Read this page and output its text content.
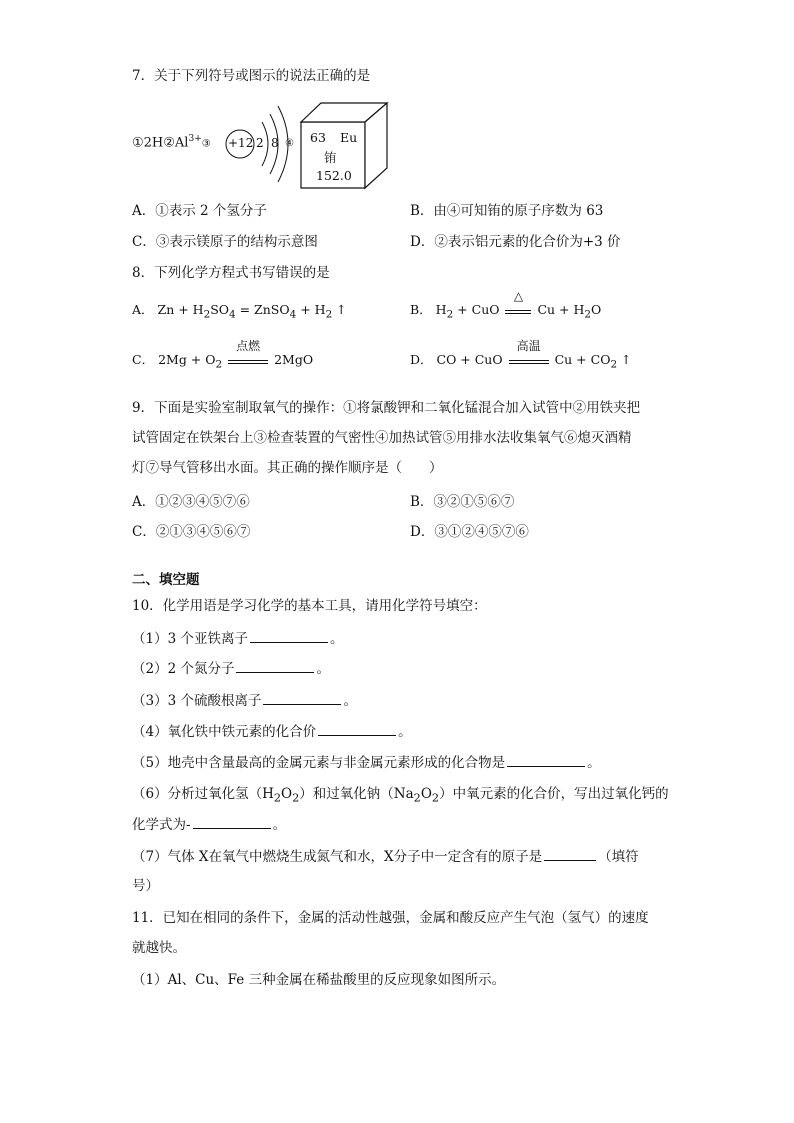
7．关于下列符号或图示的说法正确的是
$①2H②Al^{3+}③ +12$ 2 8 ④ 63 Eu
铕
152.0
A．①表示 2 个氢分子	B．由④可知铕的原子序数为 63
C．③表示镁原子的结构示意图	D．②表示铝元素的化合价为+3 价
8．下列化学方程式书写错误的是
A． $Zn + H_2SO_4$ = ZnSO$_4$ + $H_2$ ↑	B． $H_2$ + CuO
△
$Cu + H_2O$
C． $2Mg + O_2$
点燃
2MgO	D． CO + CuO
高温
$Cu + CO_2$ ↑
9．下面是实验室制取氧气的操作：①将氯酸钾和二氧化锰混合加入试管中②用铁夹把
试管固定在铁架台上③检查装置的气密性④加热试管⑤用排水法收集氧气⑥熄灭酒精
灯⑦导气管移出水面。其正确的操作顺序是（　　）
A．①②③④⑤⑦⑥	B．③②①⑤⑥⑦
C．②①③④⑤⑥⑦	D．③①②④⑤⑦⑥
二、填空题
10．化学用语是学习化学的基本工具，请用化学符号填空：
（1）3 个亚铁离子	。
（2）2 个氮分子	。
（3）3 个硫酸根离子	。
（4）氧化铁中铁元素的化合价	。
（5）地壳中含量最高的金属元素与非金属元素形成的化合物是	。
（6）分析过氧化氢$(H_2O_2)$和过氧化钠$(Na_2O_2)$中氧元素的化合价，写出过氧化钙的
化学式为-	。
（7）气体 X在氧气中燃烧生成氮气和水，X分子中一定含有的原子是	（填符
号）
11．已知在相同的条件下，金属的活动性越强，金属和酸反应产生气泡（氢气）的速度
就越快。
（1）Al、Cu、Fe 三种金属在稀盐酸里的反应现象如图所示。
